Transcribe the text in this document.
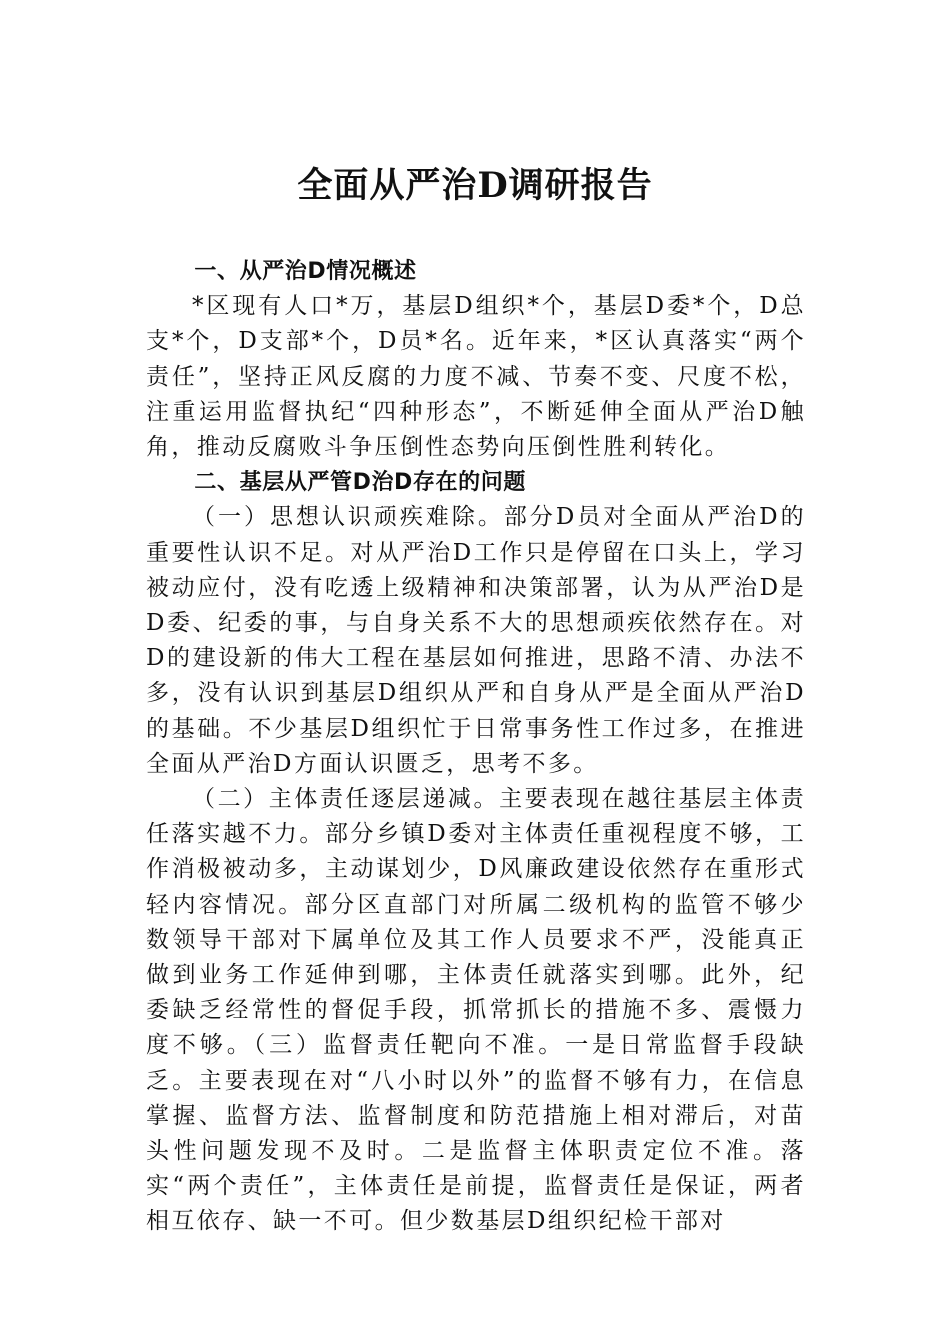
全面从严治D调研报告
一、从严治D情况概述

*区现有人口*万，基层D组织*个，基层D委*个，D总支*个，D支部*个，D员*名。近年来，*区认真落实“两个责任”，坚持正风反腐的力度不减、节奏不变、尺度不松，注重运用监督执纪“四种形态”，不断延伸全面从严治D触角，推动反腐败斗争压倒性态势向压倒性胜利转化。

二、基层从严管D治D存在的问题

（一）思想认识顽疾难除。部分D员对全面从严治D的重要性认识不足。对从严治D工作只是停留在口头上，学习被动应付，没有吃透上级精神和决策部署，认为从严治D是D委、纪委的事，与自身关系不大的思想顽疾依然存在。对D的建设新的伟大工程在基层如何推进，思路不清、办法不多，没有认识到基层D组织从严和自身从严是全面从严治D的基础。不少基层D组织忙于日常事务性工作过多，在推进全面从严治D方面认识匮乏，思考不多。

（二）主体责任逐层递减。主要表现在越往基层主体责任落实越不力。部分乡镇D委对主体责任重视程度不够，工作消极被动多，主动谋划少，D风廉政建设依然存在重形式轻内容情况。部分区直部门对所属二级机构的监管不够少数领导干部对下属单位及其工作人员要求不严，没能真正做到业务工作延伸到哪，主体责任就落实到哪。此外，纪委缺乏经常性的督促手段，抓常抓长的措施不多、震慑力度不够。（三）监督责任靶向不准。一是日常监督手段缺乏。主要表现在对“八小时以外”的监督不够有力，在信息掌握、监督方法、监督制度和防范措施上相对滞后，对苗头性问题发现不及时。二是监督主体职责定位不准。落实“两个责任”，主体责任是前提，监督责任是保证，两者相互依存、缺一不可。但少数基层D组织纪检干部对
